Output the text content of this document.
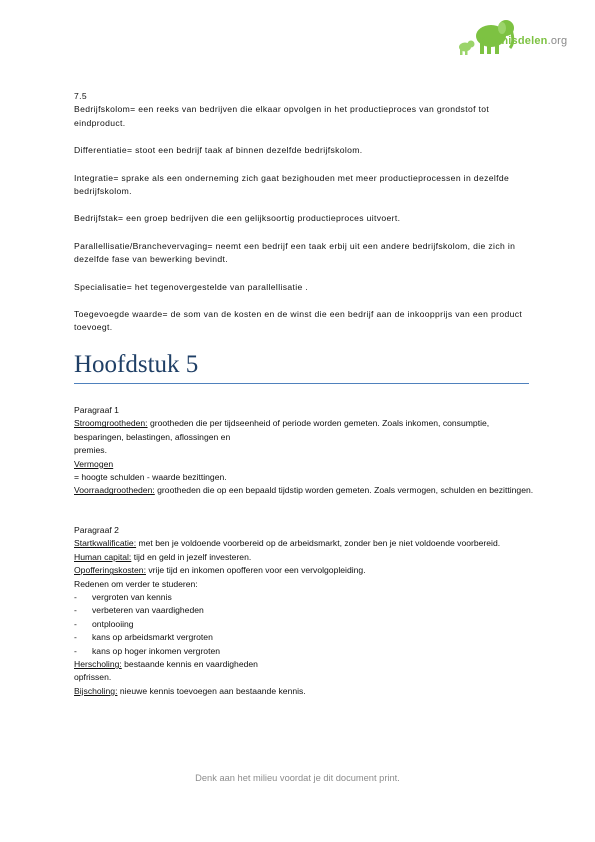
Kennisdelen.org

7.5

Bedrijfskolom= een reeks van bedrijven die elkaar opvolgen in het productieproces van grondstof tot eindproduct.

Differentiatie= stoot een bedrijf taak af binnen dezelfde bedrijfskolom.

Integratie= sprake als een onderneming zich gaat bezighouden met meer productieprocessen in dezelfde bedrijfskolom.

Bedrijfstak= een groep bedrijven die een gelijksoortig productieproces uitvoert.

Parallellisatie/Branchevervaging= neemt een bedrijf een taak erbij uit een andere bedrijfskolom, die zich in dezelfde fase van bewerking bevindt.

Specialisatie= het tegenovergestelde van parallellisatie .

Toegevoegde waarde= de som van de kosten en de winst die een bedrijf aan de inkoopprijs van een product toevoegt.

Hoofdstuk 5

Paragraaf 1

Stroomgrootheden: grootheden die per tijdseenheid of periode worden gemeten. Zoals inkomen, consumptie, besparingen, belastingen, aflossingen en

premies.

Vermogen

= hoogte schulden - waarde bezittingen.

Voorraadgrootheden: grootheden die op een bepaald tijdstip worden gemeten. Zoals vermogen, schulden en bezittingen.

Paragraaf 2

Startkwalificatie: met ben je voldoende voorbereid op de arbeidsmarkt, zonder ben je niet voldoende voorbereid.

Human capital: tijd en geld in jezelf investeren.

Opofferingskosten: vrije tijd en inkomen opofferen voor een vervolgopleiding.

Redenen om verder te studeren:

-	vergroten van kennis
-	verbeteren van vaardigheden
-	ontplooiing
-	kans op arbeidsmarkt vergroten
-	kans op hoger inkomen vergroten

Herscholing: bestaande kennis en vaardigheden

opfrissen.

Bijscholing: nieuwe kennis toevoegen aan bestaande kennis.

Denk aan het milieu voordat je dit document print.
